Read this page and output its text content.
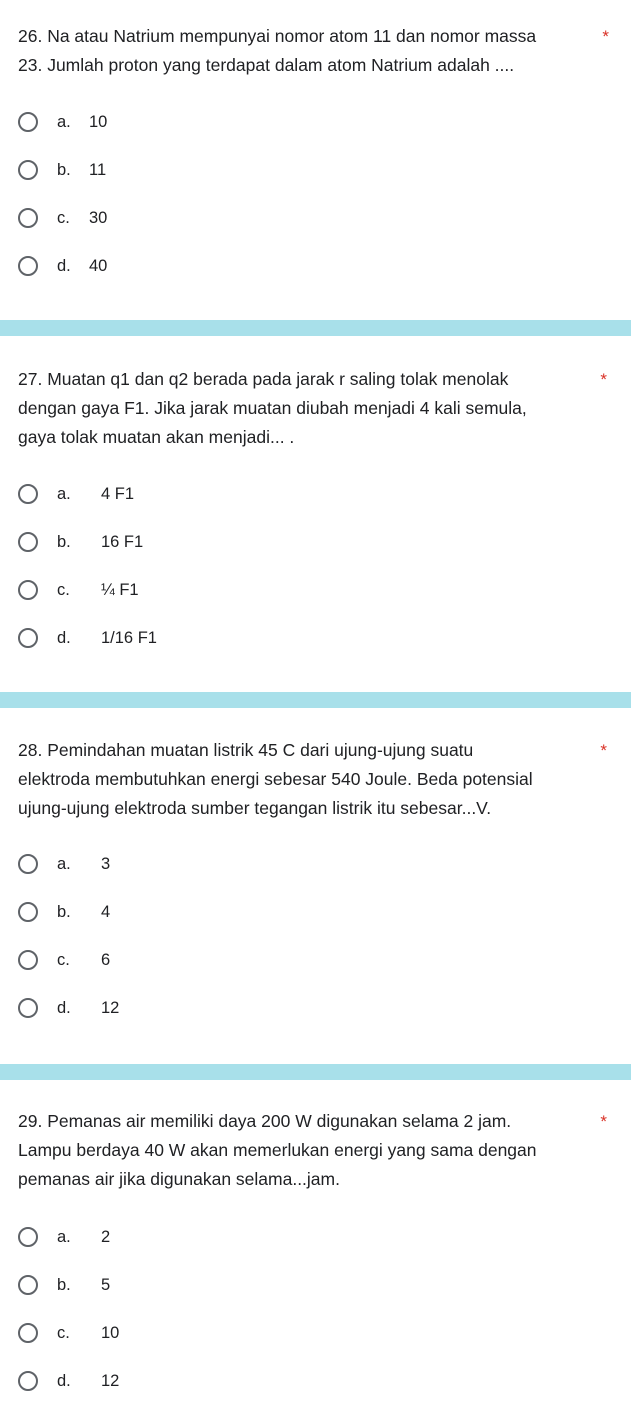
26. Na atau Natrium mempunyai nomor atom 11 dan nomor massa
23. Jumlah proton yang terdapat dalam atom Natrium adalah ....
*
a.	10
b.	11
c.	30
d.	40
27. Muatan q1 dan q2 berada pada jarak r saling tolak menolak
dengan gaya F1. Jika jarak muatan diubah menjadi 4 kali semula,
gaya tolak muatan akan menjadi... .
*
a.	4 F1
b.	16 F1
c.	¼ F1
d.	1/16 F1
28. Pemindahan muatan listrik 45 C dari ujung-ujung suatu
elektroda membutuhkan energi sebesar 540 Joule. Beda potensial
ujung-ujung elektroda sumber tegangan listrik itu sebesar...V.
*
a.	3
b.	4
c.	6
d.	12
29. Pemanas air memiliki daya 200 W digunakan selama 2 jam.
Lampu berdaya 40 W akan memerlukan energi yang sama dengan
pemanas air jika digunakan selama...jam.
*
a.	2
b.	5
c.	10
d.	12
